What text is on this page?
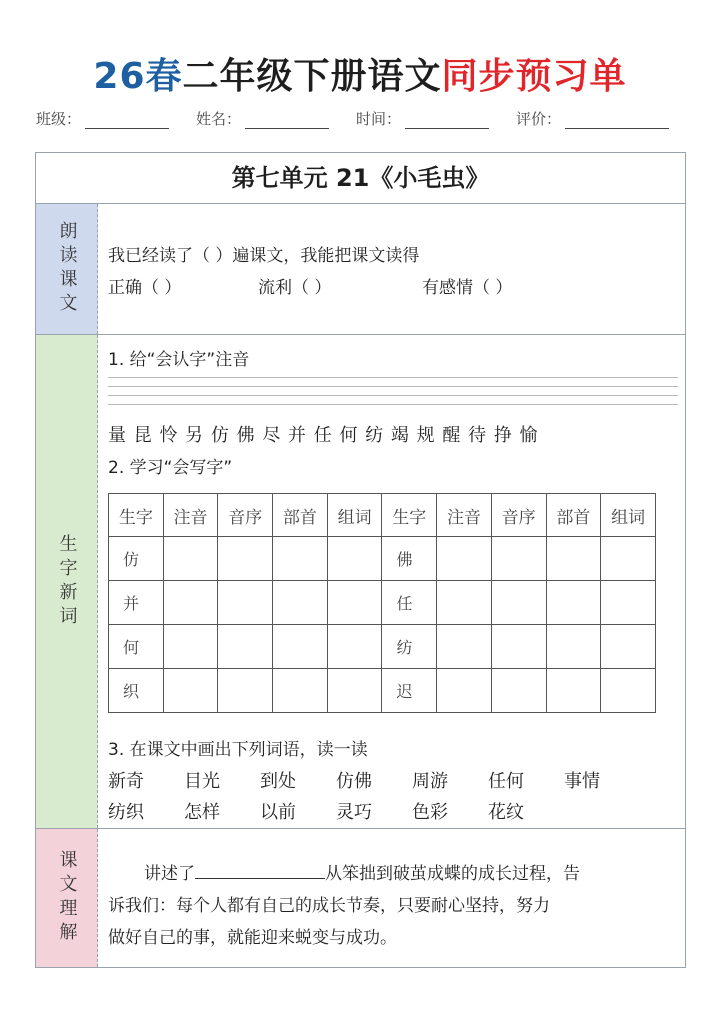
26春二年级下册语文同步预习单
班级：	姓名：	时间：	评价：
第七单元 21《小毛虫》
朗读课文 我已经读了（ ）遍课文，我能把课文读得
正确（ ）	流利（ ）	有感情（ ）
生字新词
1. 给“会认字”注音
量 昆 怜 另 仿 佛 尽 并 任 何 纺 竭 规 醒 待 挣 愉
2. 学习“会写字”
生字	注音	音序	部首	组词	生字	注音	音序	部首	组词
仿					佛				
并					任				
何					纺				
织					迟				
3. 在课文中画出下列词语，读一读
新奇 目光 到处 仿佛 周游 任何 事情
纺织 怎样 以前 灵巧 色彩 花纹
课文理解	讲述了	从笨拙到破茧成蝶的成长过程，告
诉我们：每个人都有自己的成长节奏，只要耐心坚持，努力
做好自己的事，就能迎来蜕变与成功。
